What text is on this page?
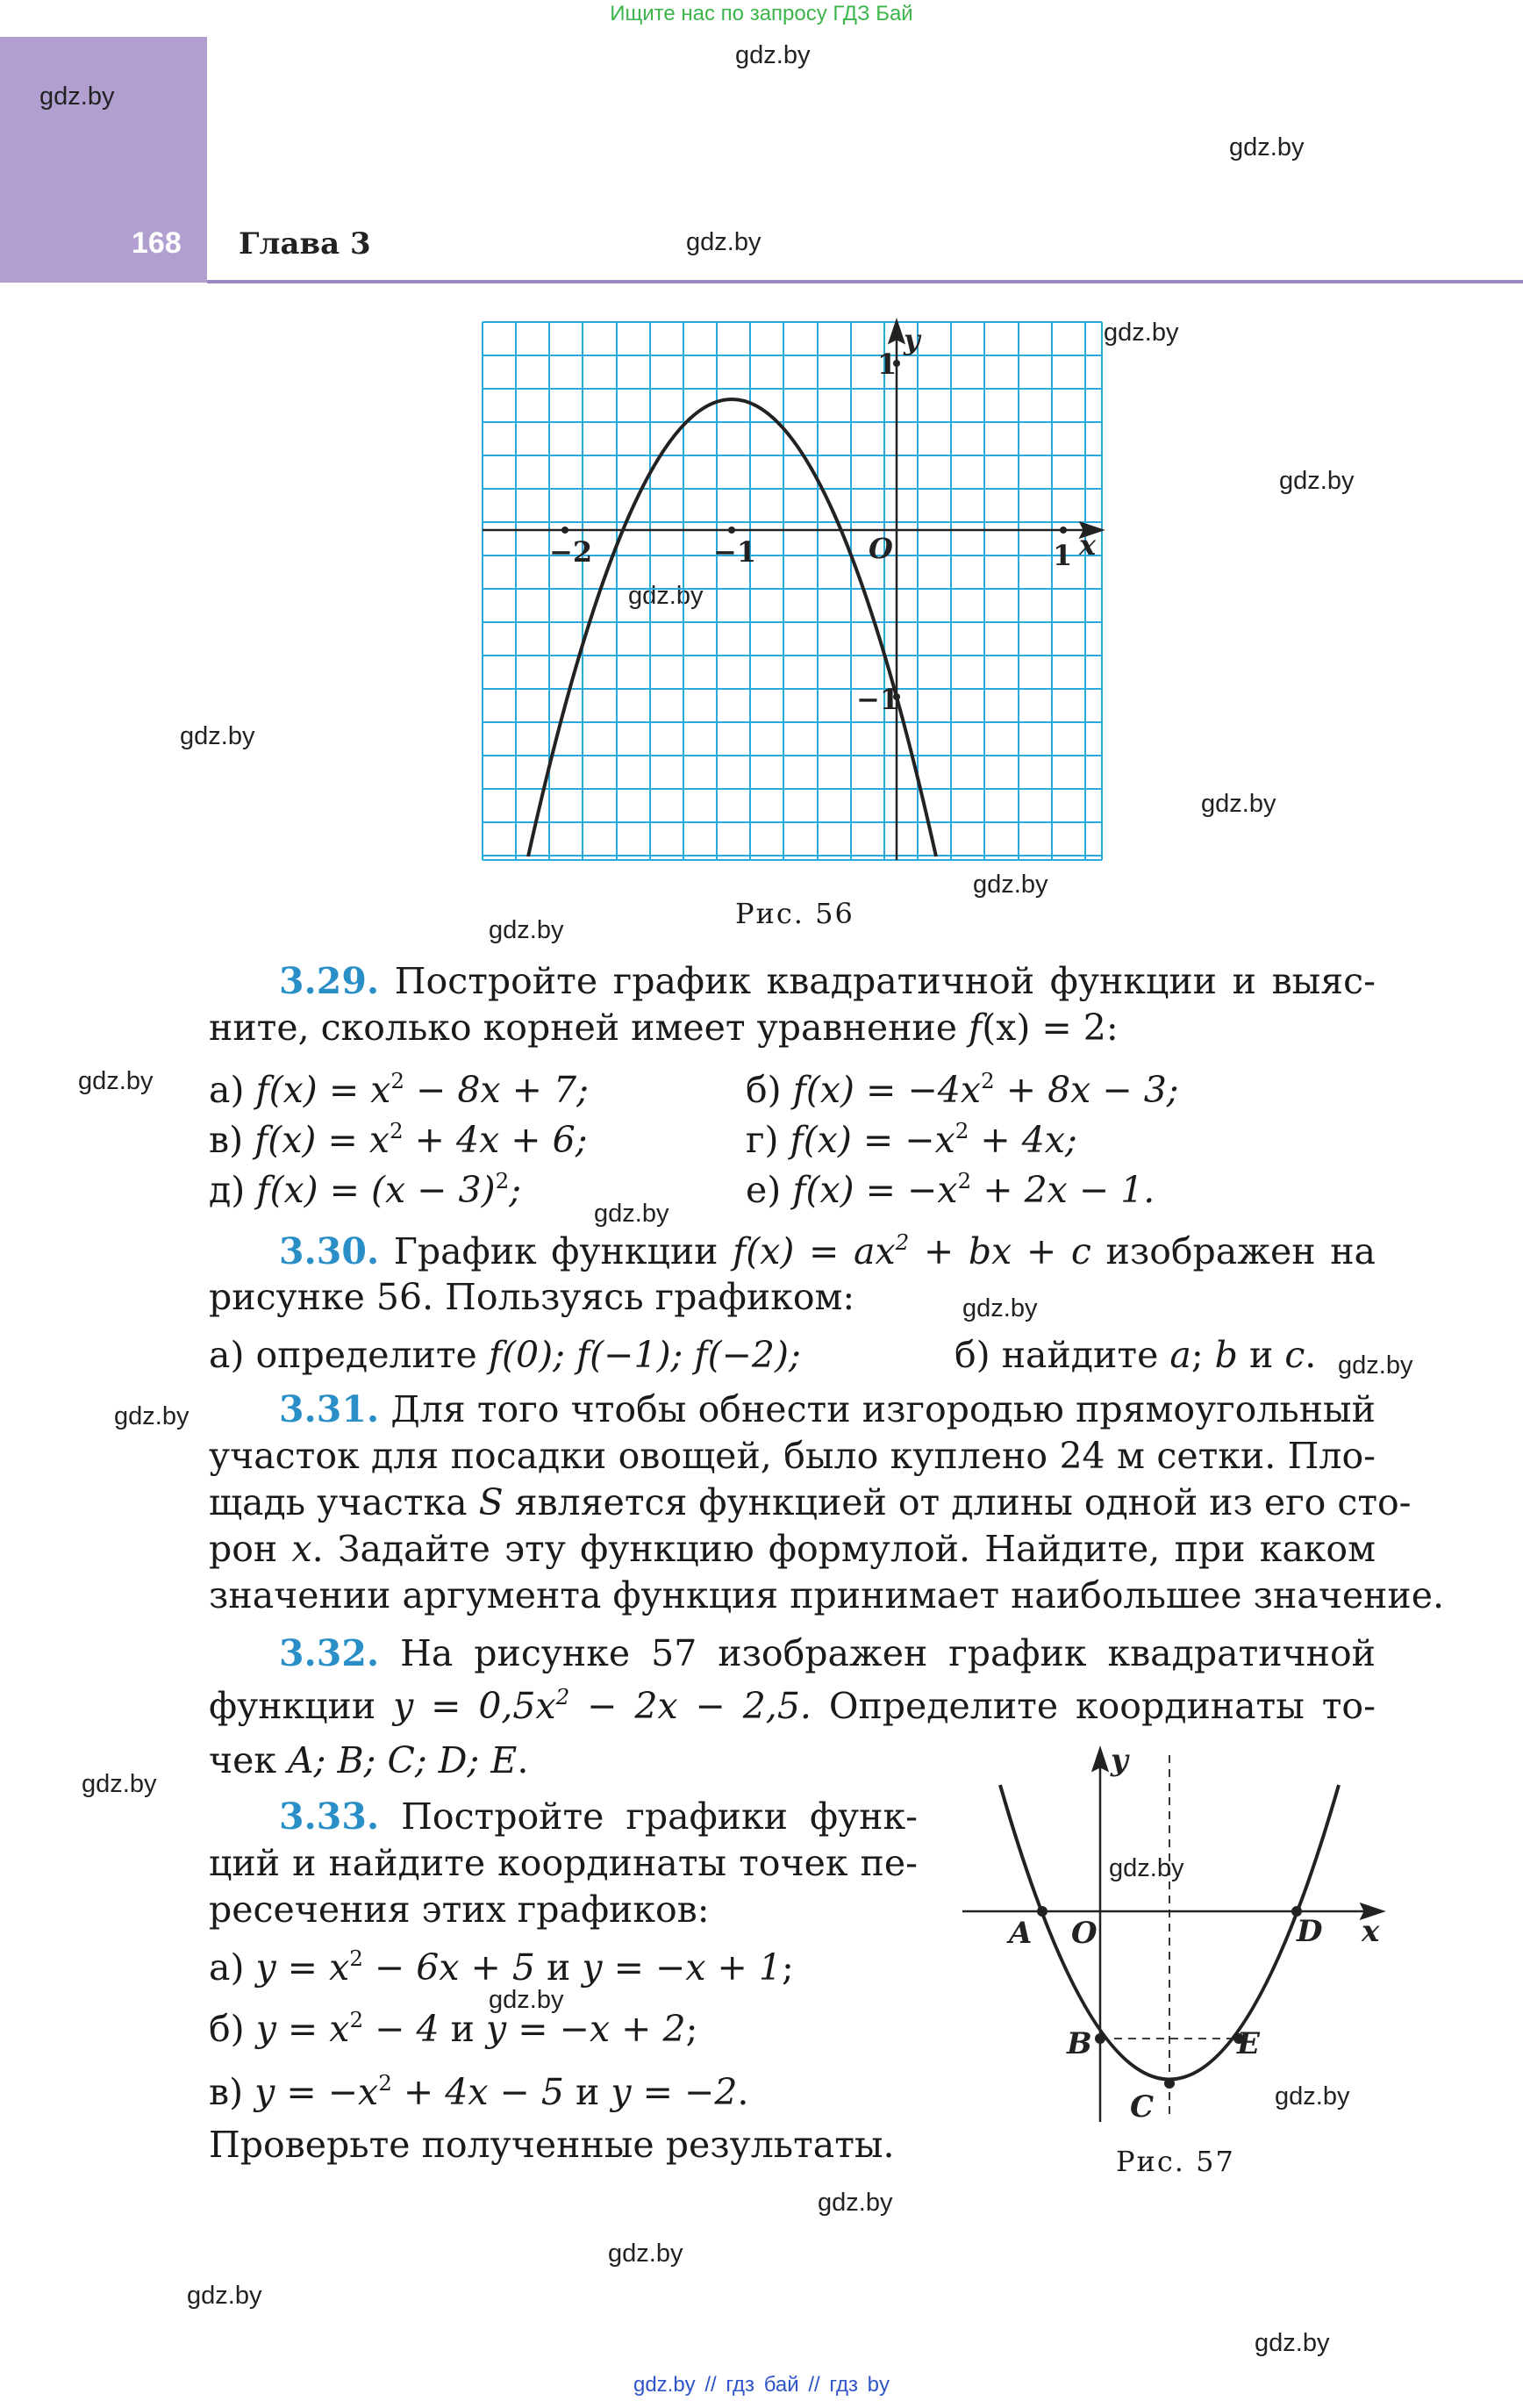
Ищите нас по запросу ГДЗ Бай
168 Глава 3
gdz.by
gdz.by
gdz.by
gdz.by
gdz.by
gdz.by
gdz.by
gdz.by
gdz.by
gdz.by
gdz.by
gdz.by
gdz.by
gdz.by
gdz.by
gdz.by
gdz.by
gdz.by
gdz.by
gdz.by
gdz.by
gdz.by
gdz.by
gdz.by
−2	−1	1
1
−1
O	x
y
Рис. 56
3.29. Постройте график квадратичной функции и выяс-
ните, сколько корней имеет уравнение f(x) = 2:
а) $f(x) = x^2 - 8x + 7$;	б) $f(x) = -4x^2 + 8x - 3$;
в) $f(x) = x^2 + 4x + 6$;	г) $f(x) = -x^2 + 4x$;
д) $f(x) = (x - 3)^2$;	е) $f(x) = -x^2 + 2x - 1$.
3.30. График функции $f(x) = ax^2$ + bx + c изображен на
рисунке 56. Пользуясь графиком:
а) определите f(0); f(−1); f(−2);	б) найдите a; b и c.
3.31. Для того чтобы обнести изгородью прямоугольный
участок для посадки овощей, было куплено 24 м сетки. Пло-
щадь участка S является функцией от длины одной из его сто-
рон x. Задайте эту функцию формулой. Найдите, при каком
значении аргумента функция принимает наибольшее значение.
3.32. На рисунке 57 изображен график квадратичной
функции $y = 0,5x^2 - 2x - 2,5$. Определите координаты то-
чек A; B; C; D; E.
3.33. Постройте графики функ-
ций и найдите координаты точек пе-
ресечения этих графиков:
а) $y = x^2 - 6x + 5$ и y = −x + 1;
б) $y = x^2 - 4$ и y = −x + 2;
в) $y = -x^2 + 4x - 5$ и y = −2.
Проверьте полученные результаты.
A O	D x
y
B	E
C
Рис. 57
gdz.by // гдз бай // гдз by
